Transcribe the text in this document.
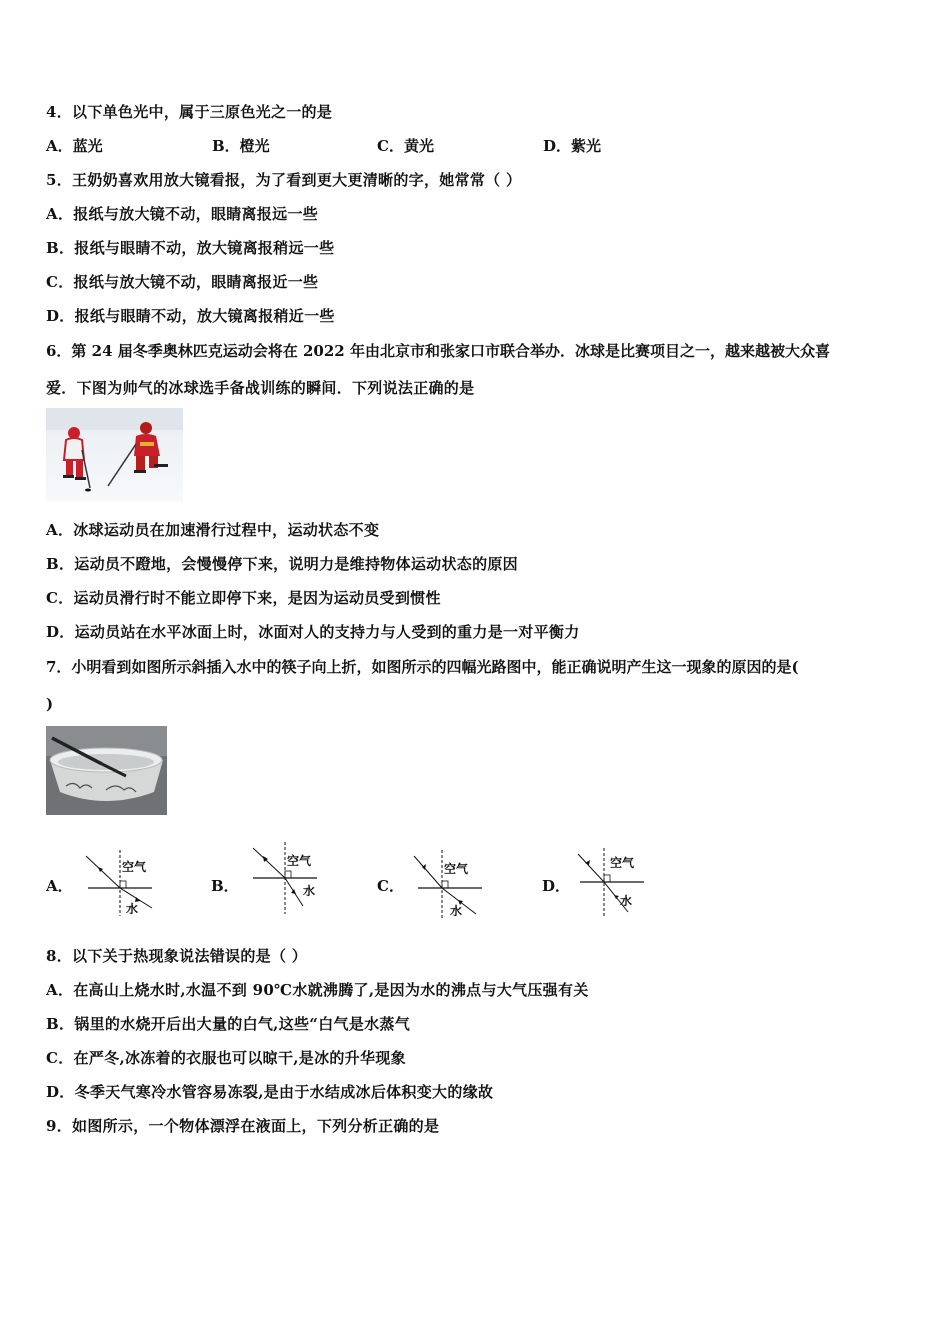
4．以下单色光中，属于三原色光之一的是
A．蓝光	B．橙光	C．黄光	D．紫光
5．王奶奶喜欢用放大镜看报，为了看到更大更清晰的字，她常常（ ）
A．报纸与放大镜不动，眼睛离报远一些
B．报纸与眼睛不动，放大镜离报稍远一些
C．报纸与放大镜不动，眼睛离报近一些
D．报纸与眼睛不动，放大镜离报稍近一些
6．第 24 届冬季奥林匹克运动会将在 2022 年由北京市和张家口市联合举办．冰球是比赛项目之一，越来越被大众喜
爱．下图为帅气的冰球选手备战训练的瞬间．下列说法正确的是
A．冰球运动员在加速滑行过程中，运动状态不变
B．运动员不蹬地，会慢慢停下来，说明力是维持物体运动状态的原因
C．运动员滑行时不能立即停下来，是因为运动员受到惯性
D．运动员站在水平冰面上时，冰面对人的支持力与人受到的重力是一对平衡力
7．小明看到如图所示斜插入水中的筷子向上折，如图所示的四幅光路图中，能正确说明产生这一现象的原因的是(
)
A．
空气
水
B．
空气
水	C．
空气
水
D．
空气
水
8．以下关于热现象说法错误的是（ ）
A．在高山上烧水时,水温不到 90℃水就沸腾了,是因为水的沸点与大气压强有关
B．锅里的水烧开后出大量的白气,这些“白气是水蒸气
C．在严冬,冰冻着的衣服也可以晾干,是冰的升华现象
D．冬季天气寒冷水管容易冻裂,是由于水结成冰后体积变大的缘故
9．如图所示，一个物体漂浮在液面上，下列分析正确的是
